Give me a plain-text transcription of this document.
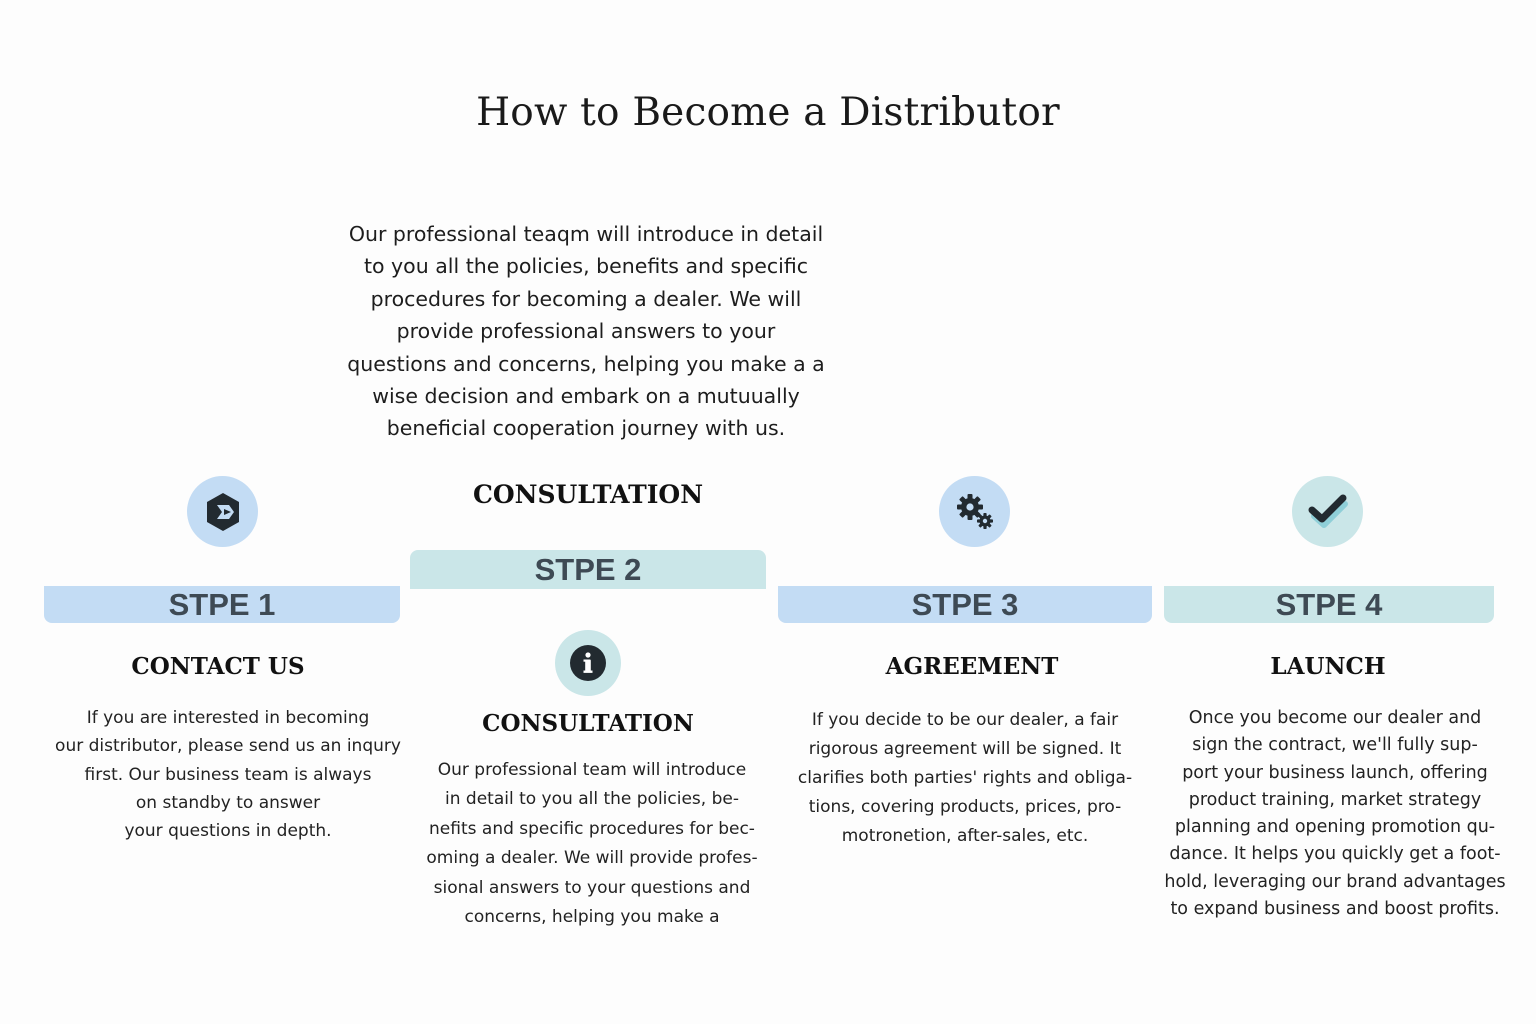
How to Become a Distributor
Our professional teaqm will introduce in detail
to you all the policies, benefits and specific
procedures for becoming a dealer. We will
provide professional answers to your
questions and concerns, helping you make a a
wise decision and embark on a mutuually
beneficial cooperation journey with us.
CONSULTATION
STPE 1
CONTACT US
If you are interested in becoming
our distributor, please send us an inqury
first. Our business team is always
on standby to answer
your questions in depth.
STPE 2
CONSULTATION
Our professional team will introduce
in detail to you all the policies, be-
nefits and specific procedures for bec-
oming a dealer. We will provide profes-
sional answers to your questions and
concerns, helping you make a
STPE 3
AGREEMENT
If you decide to be our dealer, a fair
rigorous agreement will be signed. It
clarifies both parties' rights and obliga-
tions, covering products, prices, pro-
motronetion, after-sales, etc.
STPE 4
LAUNCH
Once you become our dealer and
sign the contract, we'll fully sup-
port your business launch, offering
product training, market strategy
planning and opening promotion qu-
dance. It helps you quickly get a foot-
hold, leveraging our brand advantages
to expand business and boost profits.
